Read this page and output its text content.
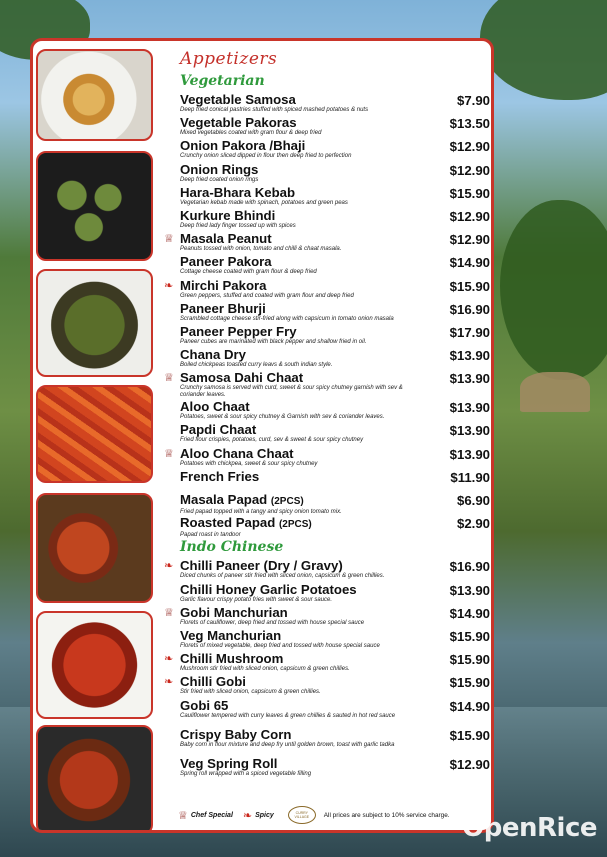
Appetizers
Vegetarian
Vegetable Samosa
Deep fried conical pastries stuffed with spiced mashed potatoes & nuts
$7.90
Vegetable Pakoras
Mixed vegetables coated with gram flour & deep fried
$13.50
Onion Pakora /Bhaji
Crunchy onion sliced dipped in flour then deep fried to perfection
$12.90
Onion Rings
Deep fried coated onion rings
$12.90
Hara-Bhara Kebab
Vegetarian kebab made with spinach, potatoes and green peas
$15.90
Kurkure Bhindi
Deep fried lady finger tossed up with spices
$12.90
♕ Masala Peanut
Peanuts tossed with onion, tomato and chilli & chaat masala.
$12.90
Paneer Pakora
Cottage cheese coated with gram flour & deep fried
$14.90
❧ Mirchi Pakora
Green peppers, stuffed and coated with gram flour and deep fried
$15.90
Paneer Bhurji
Scrambled cottage cheese stir-fried along with capsicum in tomato onion masala
$16.90
Paneer Pepper Fry
Paneer cubes are marinated with black pepper and shallow fried in oil.
$17.90
Chana Dry
Boiled chickpeas toasted curry leavs & south indian style.
$13.90
♕ Samosa Dahi Chaat
Crunchy samosa is served with curd, sweet & sour spicy chutney garnish with sev & coriander leaves.
$13.90
Aloo Chaat
Potatoes, sweet & sour spicy chutney & Garnish with sev & coriander leaves.
$13.90
Papdi Chaat
Fried flour crispies, potatoes, curd, sev & sweet & sour spicy chutney
$13.90
♕ Aloo Chana Chaat
Potatoes with chickpea, sweet & sour spicy chutney
$13.90
French Fries	$11.90
Masala Papad (2PCS)
Fried papad topped with a tangy and spicy onion tomato mix.
$6.90
Roasted Papad (2PCS)
Papad roast in tandoor
$2.90
Indo Chinese
❧ Chilli Paneer (Dry / Gravy)
Diced chunks of paneer stir fried with sliced onion, capsicum & green chillies.
$16.90
Chilli Honey Garlic Potatoes
Garlic flavour crispy potato fries with sweet & sour sauce.
$13.90
♕ Gobi Manchurian
Florets of cauliflower, deep fried and tossed with house special sauce
$14.90
Veg Manchurian
Florets of mixed vegetable, deep fried and tossed with house special sauce
$15.90
❧ Chilli Mushroom
Mushroom stir fried with sliced onion, capsicum & green chillies.
$15.90
❧ Chilli Gobi
Stir fried with sliced onion, capsicum & green chillies.
$15.90
Gobi 65
Cauliflower tempered with curry leaves & green chillies & sauted in hot red sauce
$14.90
Crispy Baby Corn
Baby corn in flour mixture and deep fry until golden brown, toast with garlic tadka
$15.90
Veg Spring Roll
Spring roll wrapped with a spiced vegetable filling
$12.90
♕ Chef Special ❧ Spicy	CURRY VILLAGE	All prices are subject to 10% service charge. OpenRice
